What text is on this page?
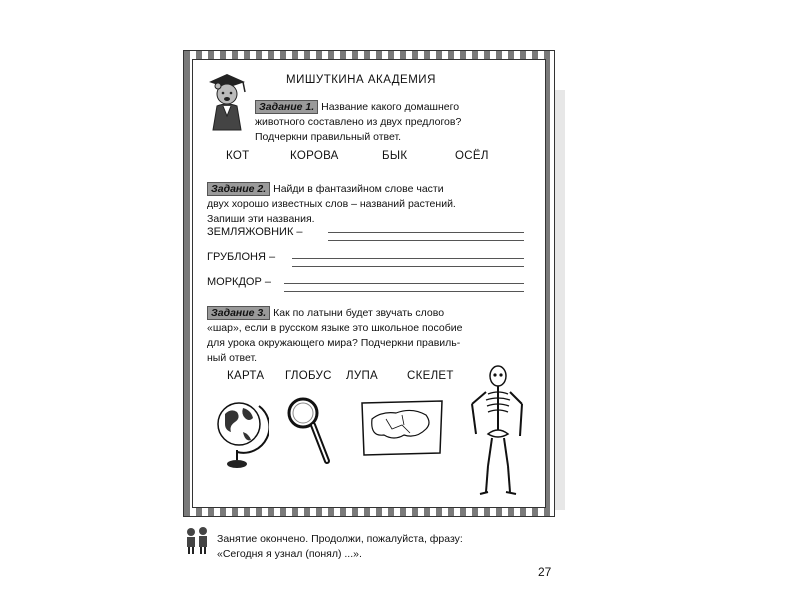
МИШУТКИНА АКАДЕМИЯ
Задание 1. Название какого домашнего
животного составлено из двух предлогов?
Подчеркни правильный ответ.
КОТ	КОРОВА	БЫК	ОСЁЛ
Задание 2. Найди в фантазийном слове части
двух хорошо известных слов – названий растений.
Запиши эти названия.
ЗЕМЛЯЖОВНИК –
ГРУБЛОНЯ –
МОРКДОР –
Задание 3. Как по латыни будет звучать слово
«шар», если в русском языке это школьное пособие
для урока окружающего мира? Подчеркни правиль-
ный ответ.
КАРТА ГЛОБУС ЛУПА	СКЕЛЕТ
Занятие окончено. Продолжи, пожалуйста, фразу:
«Сегодня я узнал (понял) ...».
27
